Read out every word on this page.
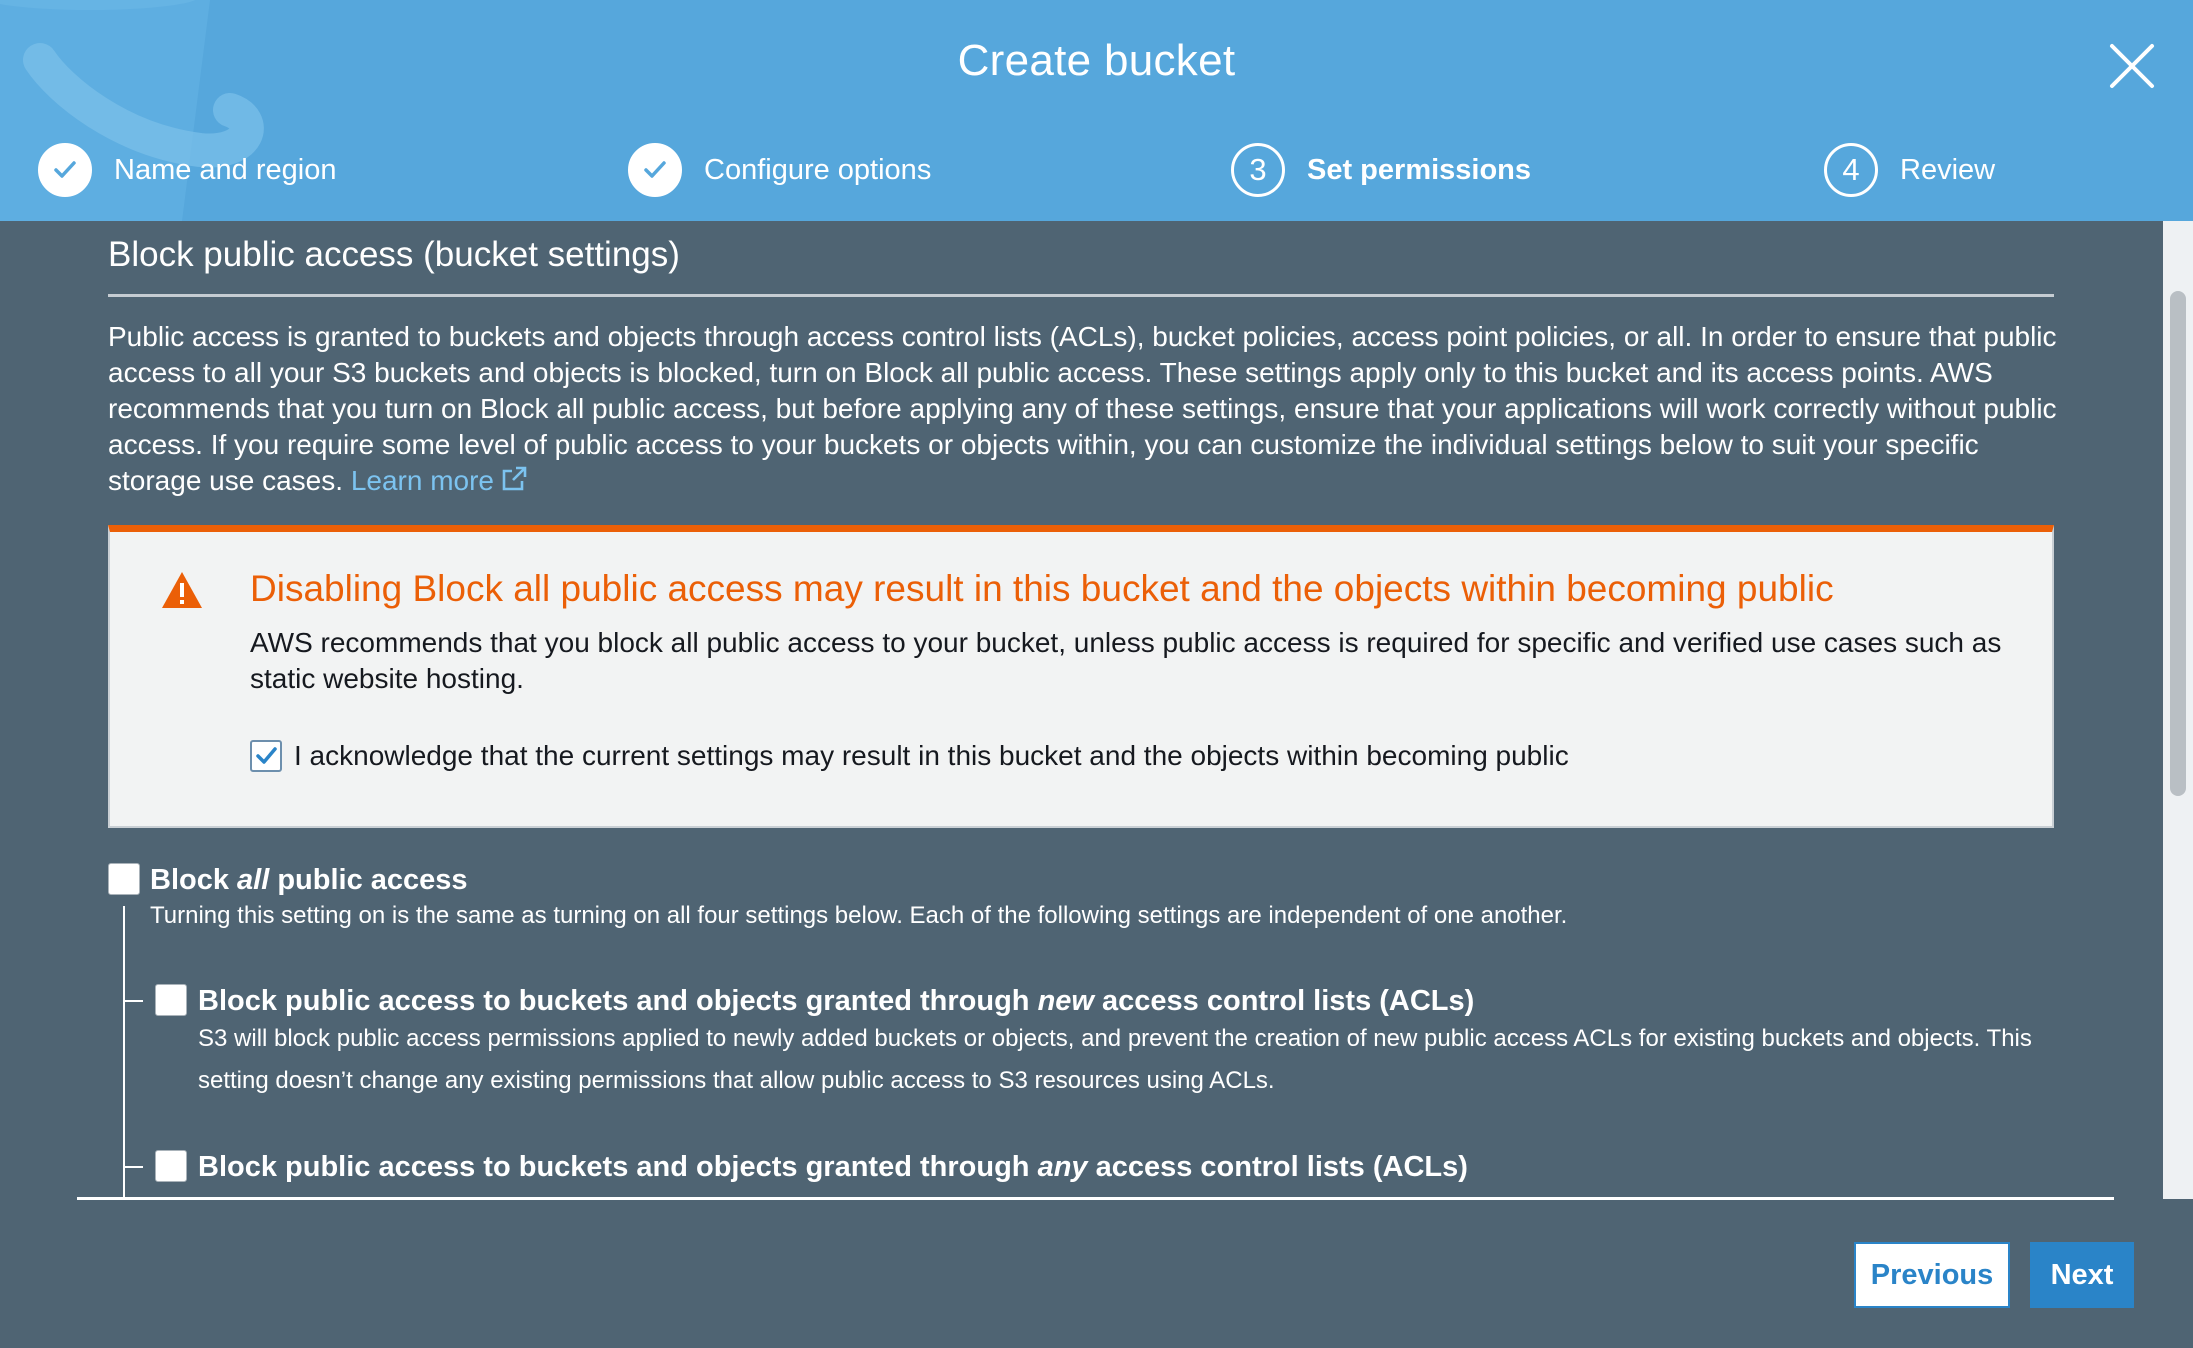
Create bucket
Name and region	Configure options	3	Set permissions	4	Review
Block public access (bucket settings)
Public access is granted to buckets and objects through access control lists (ACLs), bucket policies, access point policies, or all. In order to ensure that public access to all your S3 buckets and objects is blocked, turn on Block all public access. These settings apply only to this bucket and its access points. AWS recommends that you turn on Block all public access, but before applying any of these settings, ensure that your applications will work correctly without public access. If you require some level of public access to your buckets or objects within, you can customize the individual settings below to suit your specific storage use cases. Learn more
Disabling Block all public access may result in this bucket and the objects within becoming public
AWS recommends that you block all public access to your bucket, unless public access is required for specific and verified use cases such as static website hosting.
I acknowledge that the current settings may result in this bucket and the objects within becoming public
Block all public access
Turning this setting on is the same as turning on all four settings below. Each of the following settings are independent of one another.
Block public access to buckets and objects granted through new access control lists (ACLs)
S3 will block public access permissions applied to newly added buckets or objects, and prevent the creation of new public access ACLs for existing buckets and objects. This setting doesn’t change any existing permissions that allow public access to S3 resources using ACLs.
Block public access to buckets and objects granted through any access control lists (ACLs)
Previous	Next
